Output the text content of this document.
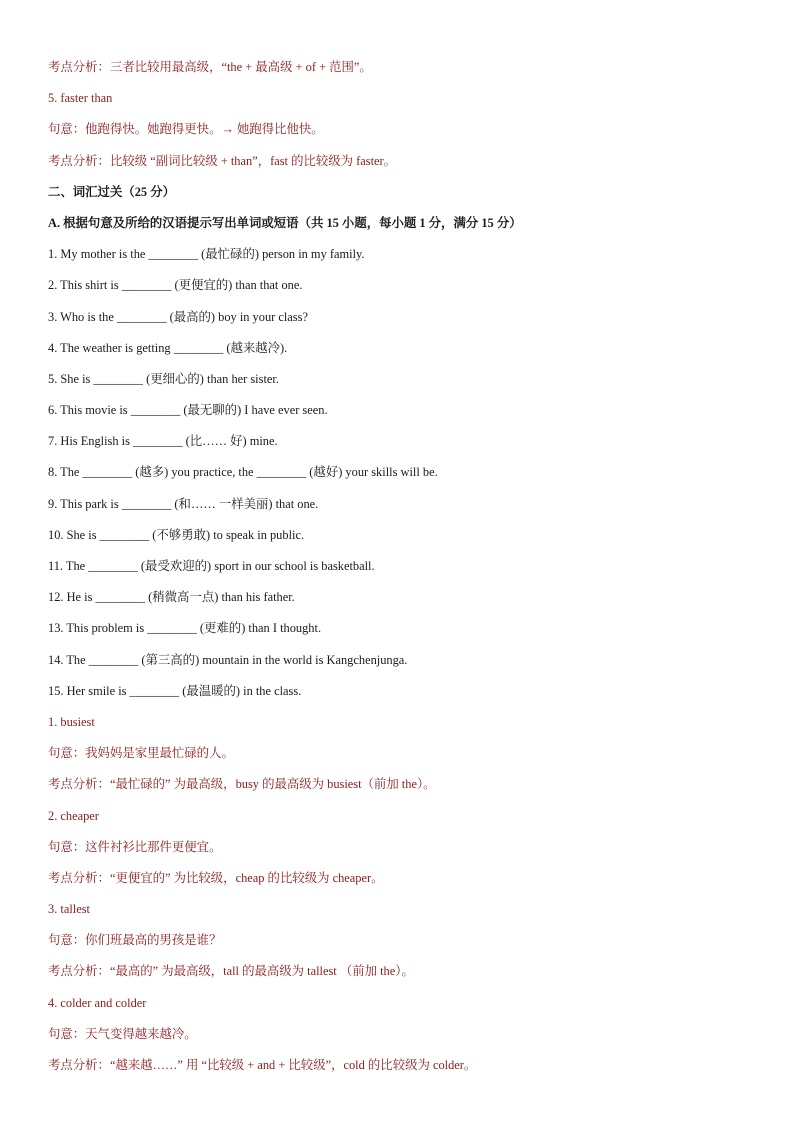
考点分析：三者比较用最高级，“the + 最高级 + of + 范围”。
5. faster than
句意：他跑得快。她跑得更快。→ 她跑得比他快。
考点分析：比较级 “副词比较级 + than”，fast 的比较级为 faster。
二、词汇过关（25 分）
A. 根据句意及所给的汉语提示写出单词或短语（共 15 小题，每小题 1 分，满分 15 分）
1. My mother is the ________ (最忙碌的) person in my family.
2. This shirt is ________ (更便宜的) than that one.
3. Who is the ________ (最高的) boy in your class?
4. The weather is getting ________ (越来越冷).
5. She is ________ (更细心的) than her sister.
6. This movie is ________ (最无聊的) I have ever seen.
7. His English is ________ (比…… 好) mine.
8. The ________ (越多) you practice, the ________ (越好) your skills will be.
9. This park is ________ (和…… 一样美丽) that one.
10. She is ________ (不够勇敢) to speak in public.
11. The ________ (最受欢迎的) sport in our school is basketball.
12. He is ________ (稍微高一点) than his father.
13. This problem is ________ (更难的) than I thought.
14. The ________ (第三高的) mountain in the world is Kangchenjunga.
15. Her smile is ________ (最温暖的) in the class.
1. busiest
句意：我妈妈是家里最忙碌的人。
考点分析：“最忙碌的” 为最高级，busy 的最高级为 busiest（前加 the）。
2. cheaper
句意：这件衬衫比那件更便宜。
考点分析：“更便宜的” 为比较级，cheap 的比较级为 cheaper。
3. tallest
句意：你们班最高的男孩是谁？
考点分析：“最高的” 为最高级，tall 的最高级为 tallest （前加 the）。
4. colder and colder
句意：天气变得越来越冷。
考点分析：“越来越……” 用 “比较级 + and + 比较级”，cold 的比较级为 colder。
